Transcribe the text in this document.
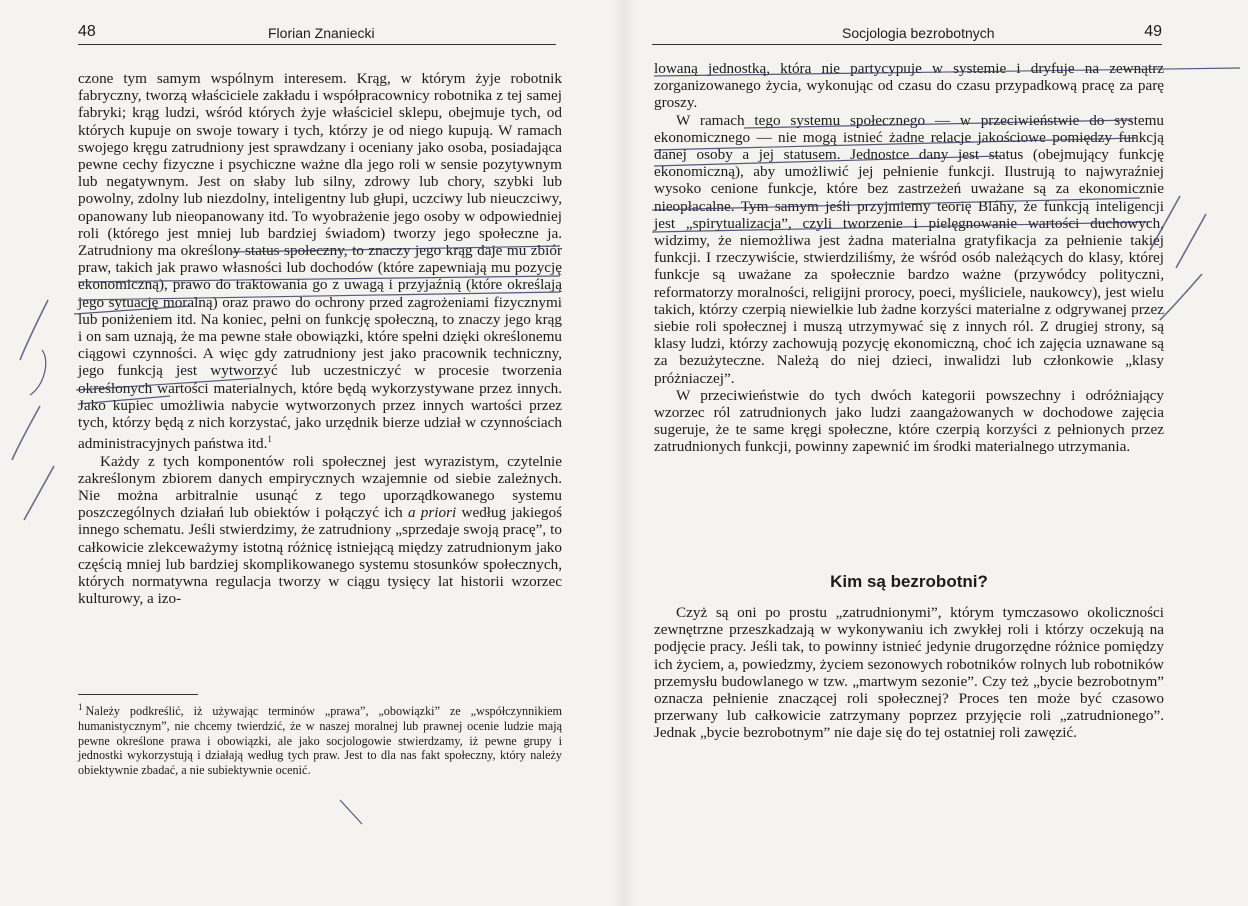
48	Florian Znaniecki

czone tym samym wspólnym interesem. Krąg, w którym żyje robotnik fabryczny, tworzą właściciele zakładu i współpracownicy robotnika z tej samej fabryki; krąg ludzi, wśród których żyje właściciel sklepu, obejmuje tych, od których kupuje on swoje towary i tych, którzy je od niego kupują. W ramach swojego kręgu zatrudniony jest sprawdzany i oceniany jako osoba, posiadająca pewne cechy fizyczne i psychiczne ważne dla jego roli w sensie pozytywnym lub negatywnym. Jest on słaby lub silny, zdrowy lub chory, szybki lub powolny, zdolny lub niezdolny, inteligentny lub głupi, uczciwy lub nieuczciwy, opanowany lub nieopanowany itd. To wyobrażenie jego osoby w odpowiedniej roli (którego jest mniej lub bardziej świadom) tworzy jego społeczne ja. Zatrudniony ma określony status społeczny, to znaczy jego krąg daje mu zbiór praw, takich jak prawo własności lub dochodów (które zapewniają mu pozycję ekonomiczną), prawo do traktowania go z uwagą i przyjaźnią (które określają jego sytuację moralną) oraz prawo do ochrony przed zagrożeniami fizycznymi lub poniżeniem itd. Na koniec, pełni on funkcję społeczną, to znaczy jego krąg i on sam uznają, że ma pewne stałe obowiązki, które spełni dzięki określonemu ciągowi czynności. A więc gdy zatrudniony jest jako pracownik techniczny, jego funkcją jest wytworzyć lub uczestniczyć w procesie tworzenia określonych wartości materialnych, które będą wykorzystywane przez innych. Jako kupiec umożliwia nabycie wytworzonych przez innych wartości przez tych, którzy będą z nich korzystać, jako urzędnik bierze udział w czynnościach administracyjnych państwa itd.$^1$

Każdy z tych komponentów roli społecznej jest wyrazistym, czytelnie zakreślonym zbiorem danych empirycznych wzajemnie od siebie zależnych. Nie można arbitralnie usunąć z tego uporządkowanego systemu poszczególnych działań lub obiektów i połączyć ich a priori według jakiegoś innego schematu. Jeśli stwierdzimy, że zatrudniony „sprzedaje swoją pracę”, to całkowicie zlekceważymy istotną różnicę istniejącą między zatrudnionym jako częścią mniej lub bardziej skomplikowanego systemu stosunków społecznych, których normatywna regulacja tworzy w ciągu tysięcy lat historii wzorzec kulturowy, a izo-

$^1$ Należy podkreślić, iż używając terminów „prawa”, „obowiązki” ze „współczynnikiem humanistycznym”, nie chcemy twierdzić, że w naszej moralnej lub prawnej ocenie ludzie mają pewne określone prawa i obowiązki, ale jako socjologowie stwierdzamy, iż pewne grupy i jednostki wykorzystują i działają według tych praw. Jest to dla nas fakt społeczny, który należy obiektywnie zbadać, a nie subiektywnie ocenić.
Socjologia bezrobotnych	49

lowaną jednostką, która nie partycypuje w systemie i dryfuje na zewnątrz zorganizowanego życia, wykonując od czasu do czasu przypadkową pracę za parę groszy.

W ramach tego systemu społecznego — w przeciwieństwie do systemu ekonomicznego — nie mogą istnieć żadne relacje jakościowe pomiędzy funkcją danej osoby a jej statusem. Jednostce dany jest status (obejmujący funkcję ekonomiczną), aby umożliwić jej pełnienie funkcji. Ilustrują to najwyraźniej wysoko cenione funkcje, które bez zastrzeżeń uważane są za ekonomicznie nieopłacalne. Tym samym jeśli przyjmiemy teorię Bláhy, że funkcją inteligencji jest „spirytualizacja”, czyli tworzenie i pielęgnowanie wartości duchowych, widzimy, że niemożliwa jest żadna materialna gratyfikacja za pełnienie takiej funkcji. I rzeczywiście, stwierdziliśmy, że wśród osób należących do klasy, której funkcje są uważane za społecznie bardzo ważne (przywódcy polityczni, reformatorzy moralności, religijni prorocy, poeci, myśliciele, naukowcy), jest wielu takich, którzy czerpią niewielkie lub żadne korzyści materialne z odgrywanej przez siebie roli społecznej i muszą utrzymywać się z innych ról. Z drugiej strony, są klasy ludzi, którzy zachowują pozycję ekonomiczną, choć ich zajęcia uznawane są za bezużyteczne. Należą do niej dzieci, inwalidzi lub członkowie „klasy próżniaczej”.

W przeciwieństwie do tych dwóch kategorii powszechny i odróżniający wzorzec ról zatrudnionych jako ludzi zaangażowanych w dochodowe zajęcia sugeruje, że te same kręgi społeczne, które czerpią korzyści z pełnionych przez zatrudnionych funkcji, powinny zapewnić im środki materialnego utrzymania.

Kim są bezrobotni?

Czyż są oni po prostu „zatrudnionymi”, którym tymczasowo okoliczności zewnętrzne przeszkadzają w wykonywaniu ich zwykłej roli i którzy oczekują na podjęcie pracy. Jeśli tak, to powinny istnieć jedynie drugorzędne różnice pomiędzy ich życiem, a, powiedzmy, życiem sezonowych robotników rolnych lub robotników przemysłu budowlanego w tzw. „martwym sezonie”. Czy też „bycie bezrobotnym” oznacza pełnienie znaczącej roli społecznej? Proces ten może być czasowo przerwany lub całkowicie zatrzymany poprzez przyjęcie roli „zatrudnionego”. Jednak „bycie bezrobotnym” nie daje się do tej ostatniej roli zawęzić.
